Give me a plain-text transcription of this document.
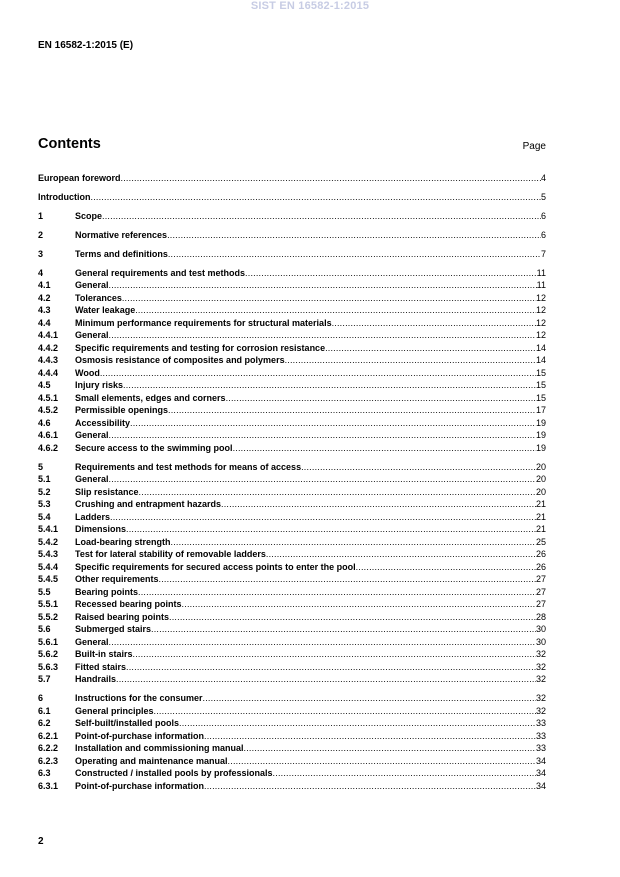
SIST EN 16582-1:2015
EN 16582-1:2015 (E)
Contents	Page
European foreword .....	4
Introduction .....	5
1	Scope .....	6
2	Normative references .....	6
3	Terms and definitions .....	7
4	General requirements and test methods .....	11
4.1	General .....	11
4.2	Tolerances .....	12
4.3	Water leakage .....	12
4.4	Minimum performance requirements for structural materials .....	12
4.4.1	General .....	12
4.4.2	Specific requirements and testing for corrosion resistance .....	14
4.4.3	Osmosis resistance of composites and polymers .....	14
4.4.4	Wood .....	15
4.5	Injury risks .....	15
4.5.1	Small elements, edges and corners .....	15
4.5.2	Permissible openings .....	17
4.6	Accessibility .....	19
4.6.1	General .....	19
4.6.2	Secure access to the swimming pool .....	19
5	Requirements and test methods for means of access .....	20
5.1	General .....	20
5.2	Slip resistance .....	20
5.3	Crushing and entrapment hazards .....	21
5.4	Ladders .....	21
5.4.1	Dimensions .....	21
5.4.2	Load-bearing strength .....	25
5.4.3	Test for lateral stability of removable ladders .....	26
5.4.4	Specific requirements for secured access points to enter the pool .....	26
5.4.5	Other requirements .....	27
5.5	Bearing points .....	27
5.5.1	Recessed bearing points .....	27
5.5.2	Raised bearing points .....	28
5.6	Submerged stairs .....	30
5.6.1	General .....	30
5.6.2	Built-in stairs .....	32
5.6.3	Fitted stairs .....	32
5.7	Handrails .....	32
6	Instructions for the consumer .....	32
6.1	General principles .....	32
6.2	Self-built/installed pools .....	33
6.2.1	Point-of-purchase information .....	33
6.2.2	Installation and commissioning manual .....	33
6.2.3	Operating and maintenance manual .....	34
6.3	Constructed / installed pools by professionals .....	34
6.3.1	Point-of-purchase information .....	34
2
